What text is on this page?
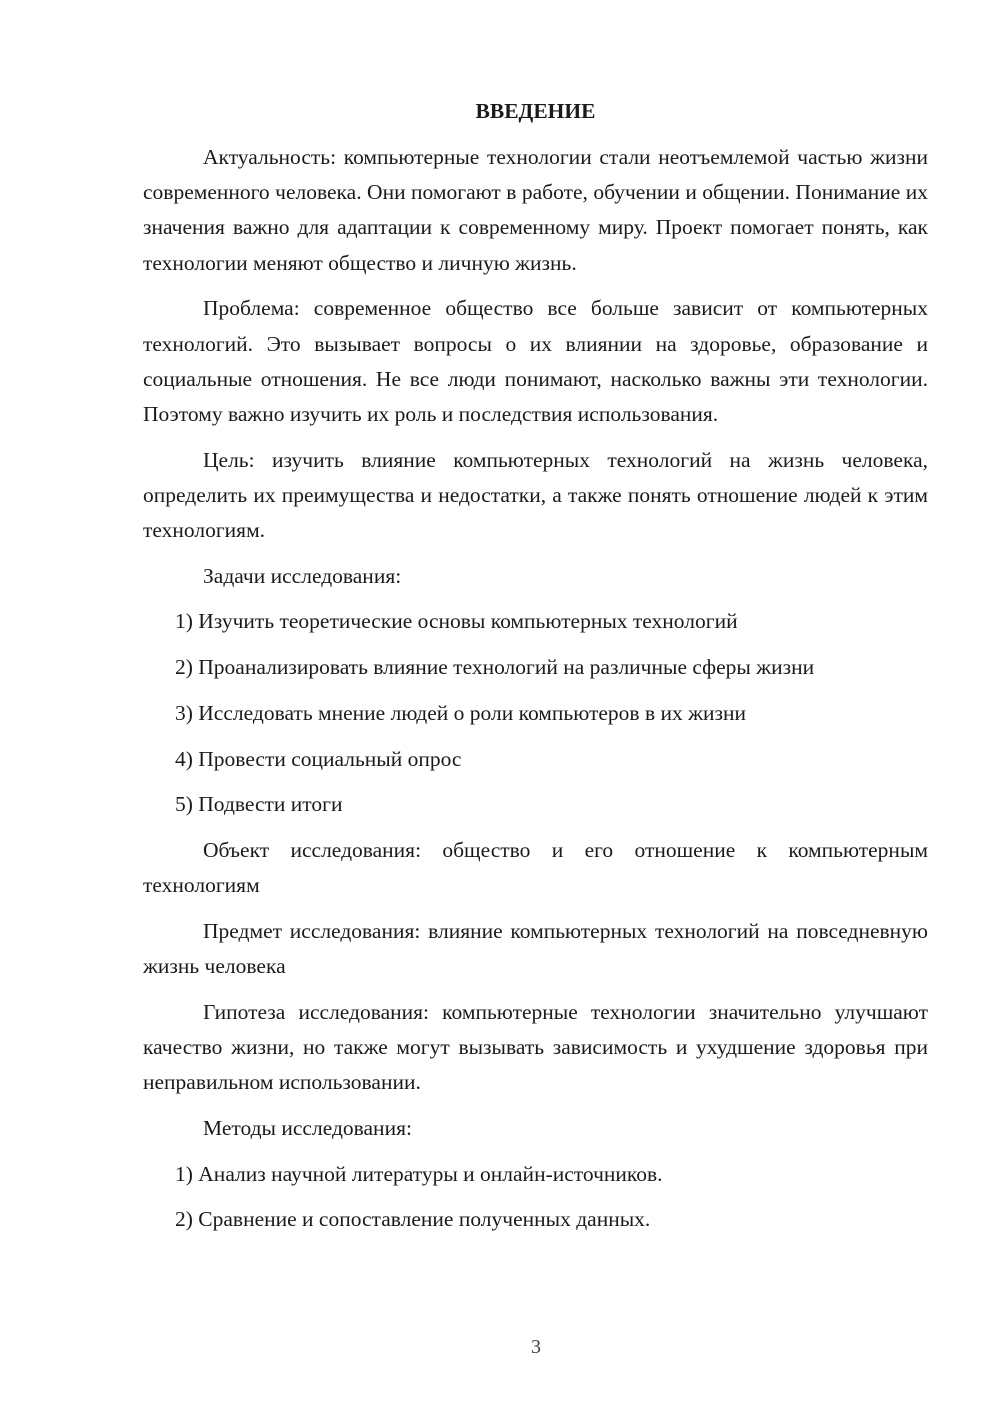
ВВЕДЕНИЕ

Актуальность: компьютерные технологии стали неотъемлемой частью жизни современного человека. Они помогают в работе, обучении и общении. Понимание их значения важно для адаптации к современному миру. Проект помогает понять, как технологии меняют общество и личную жизнь.

Проблема: современное общество все больше зависит от компьютерных технологий. Это вызывает вопросы о их влиянии на здоровье, образование и социальные отношения. Не все люди понимают, насколько важны эти технологии. Поэтому важно изучить их роль и последствия использования.

Цель: изучить влияние компьютерных технологий на жизнь человека, определить их преимущества и недостатки, а также понять отношение людей к этим технологиям.

Задачи исследования:

1) Изучить теоретические основы компьютерных технологий
2) Проанализировать влияние технологий на различные сферы жизни
3) Исследовать мнение людей о роли компьютеров в их жизни
4) Провести социальный опрос
5) Подвести итоги

Объект исследования: общество и его отношение к компьютерным технологиям

Предмет исследования: влияние компьютерных технологий на повседневную жизнь человека

Гипотеза исследования: компьютерные технологии значительно улучшают качество жизни, но также могут вызывать зависимость и ухудшение здоровья при неправильном использовании.

Методы исследования:

1) Анализ научной литературы и онлайн-источников.
2) Сравнение и сопоставление полученных данных.
3
